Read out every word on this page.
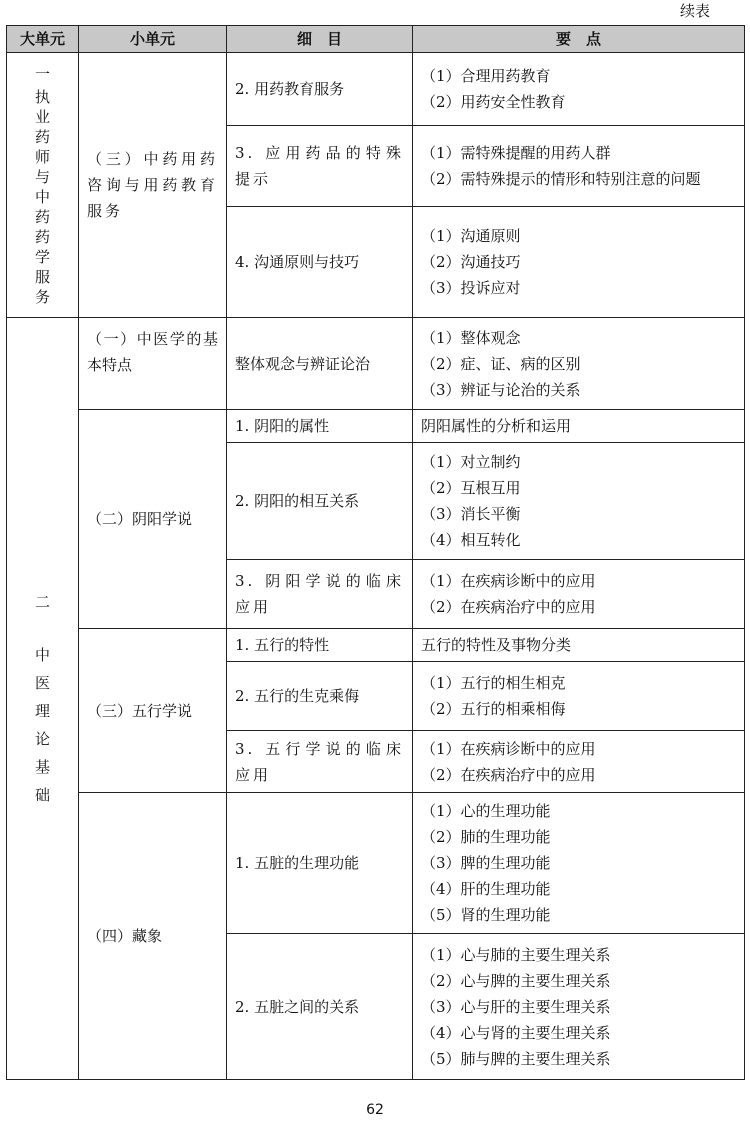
续表
大单元	小单元	细　目	要　点

一
执业药师与中药药学服务	（三）中药用药咨询与用药教育服务	2. 用药教育服务	（1）合理用药教育
（2）用药安全性教育

		3. 应用药品的特殊提示	（1）需特殊提醒的用药人群
（2）需特殊提示的情形和特别注意的问题

		4. 沟通原则与技巧	（1）沟通原则
（2）沟通技巧
（3）投诉应对

二
中医理论基础	（一）中医学的基本特点	整体观念与辨证论治	（1）整体观念
（2）症、证、病的区别
（3）辨证与论治的关系

	（二）阴阳学说	1. 阴阳的属性	阴阳属性的分析和运用

		2. 阴阳的相互关系	（1）对立制约
（2）互根互用
（3）消长平衡
（4）相互转化

		3. 阴阳学说的临床应用	（1）在疾病诊断中的应用
（2）在疾病治疗中的应用

	（三）五行学说	1. 五行的特性	五行的特性及事物分类

		2. 五行的生克乘侮	（1）五行的相生相克
（2）五行的相乘相侮

		3. 五行学说的临床应用	（1）在疾病诊断中的应用
（2）在疾病治疗中的应用

	（四）藏象	1. 五脏的生理功能	（1）心的生理功能
（2）肺的生理功能
（3）脾的生理功能
（4）肝的生理功能
（5）肾的生理功能

		2. 五脏之间的关系	（1）心与肺的主要生理关系
（2）心与脾的主要生理关系
（3）心与肝的主要生理关系
（4）心与肾的主要生理关系
（5）肺与脾的主要生理关系
62
